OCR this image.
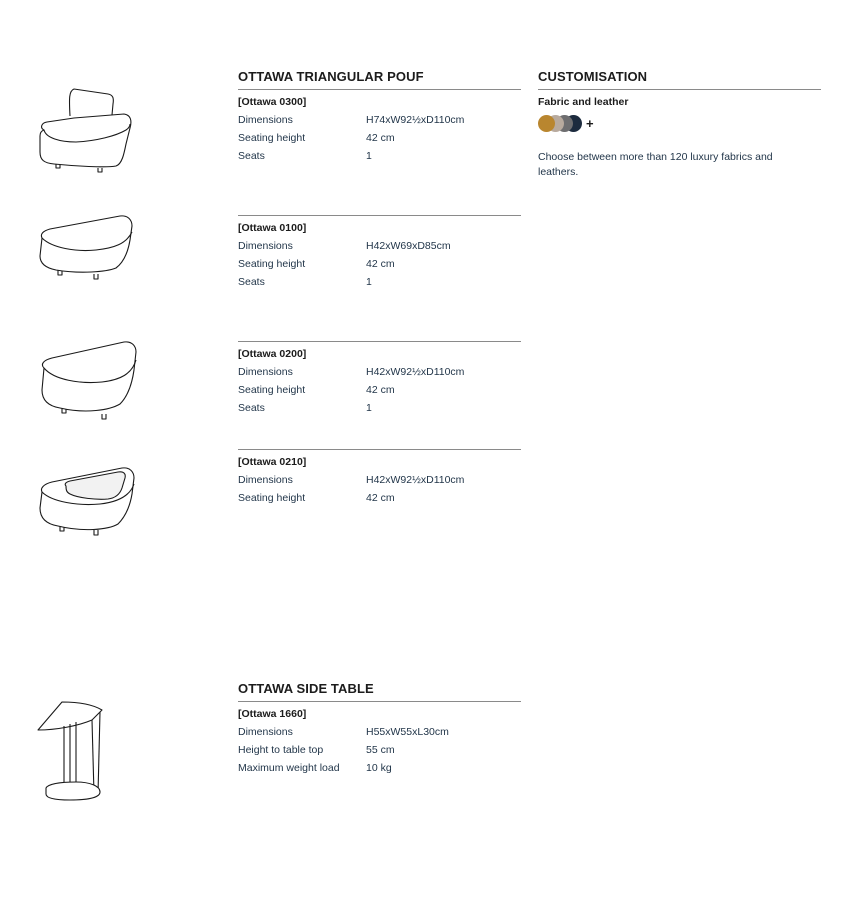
OTTAWA TRIANGULAR POUF
[Ottawa 0300]
Dimensions	H74xW92½xD110cm
Seating height	42 cm
Seats	1
[Ottawa 0100]
Dimensions	H42xW69xD85cm
Seating height	42 cm
Seats	1
[Ottawa 0200]
Dimensions	H42xW92½xD110cm
Seating height	42 cm
Seats	1
[Ottawa 0210]
Dimensions	H42xW92½xD110cm
Seating height	42 cm
CUSTOMISATION
Fabric and leather
+
Choose between more than 120 luxury fabrics and leathers.
OTTAWA SIDE TABLE
[Ottawa 1660]
Dimensions	H55xW55xL30cm
Height to table top	55 cm
Maximum weight load	10 kg
